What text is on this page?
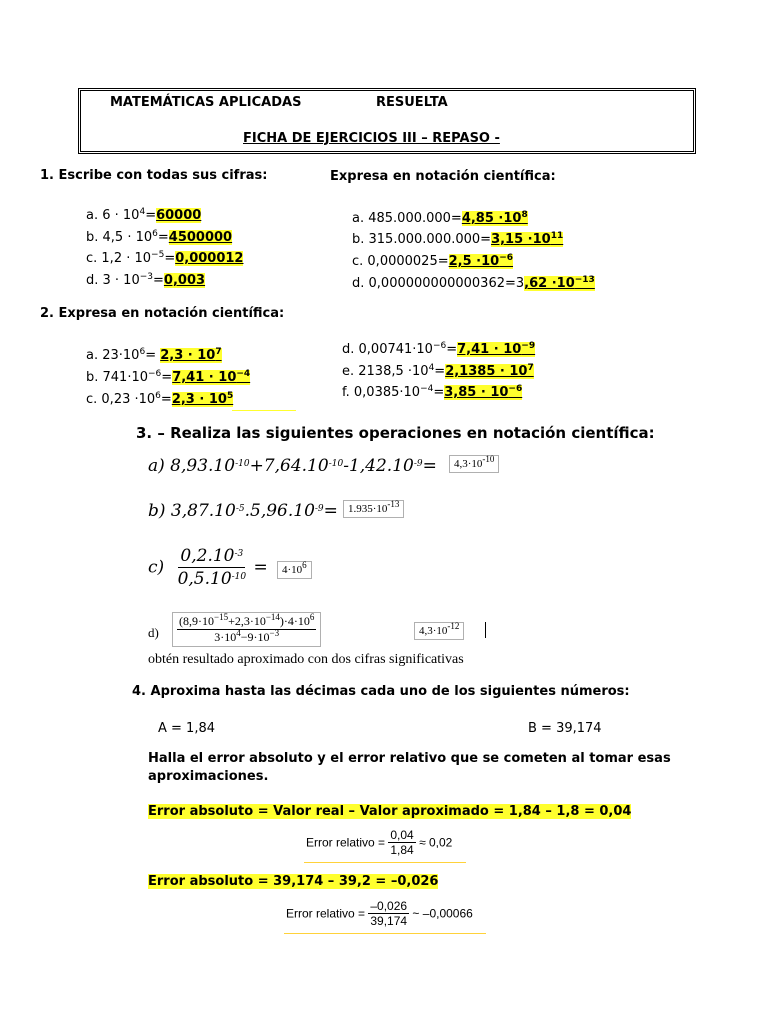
MATEMÁTICAS APLICADAS	RESUELTA
FICHA DE EJERCICIOS III – REPASO -
1. Escribe con todas sus cifras:	Expresa en notación científica:
a. $6 \cdot 10^4=60000$
b. $4,5 \cdot 10^6=4500000$
c. $1,2 \cdot 10^{-5}=0,000012$
d. $3 \cdot 10^{-3}=0,003$
a. $485.000.000=4,85 \cdot 10^8$
b. $315.000.000.000=3,15 \cdot 10^{11}$
c. $0,0000025=2,5 \cdot 10^{-6}$
d. $0,000000000000362=3,62 \cdot 10^{-13}$
2. Expresa en notación científica:
a. $23\cdot 10^6= 2,3 \cdot 10^7$
b. $741\cdot 10^{-6}=7,41 \cdot 10^{-4}$
c. $0,23 \cdot 10^6=2,3 \cdot 10^5$
d. $0,00741\cdot 10^{-6}=7,41 \cdot 10^{-9}$
e. $2138,5 \cdot 10^4=2,1385 \cdot 10^7$
f. $0,0385\cdot 10^{-4}=3,85 \cdot 10^{-6}$
3. – Realiza las siguientes operaciones en notación científica:
a) $8,93.10^{-10}+7,64.10^{-10}-1,42.10^{-9}=$	$4,3\cdot 10^{-10}$
b) $3,87.10^{-5}.5,96.10^{-9}= 1.935\cdot 10^{-13}$
$c) \frac{0,2.10^{-3}}{0,5.10^{-10}}$ =	$4\cdot 10^6$
$d) \frac{(8,9\cdot 10^{-15}+2,3\cdot 10^{-14})\cdot 4\cdot 10^6}{3\cdot 10^4-9\cdot 10^{-3}}$	$4,3\cdot 10^{-12}$
obtén resultado aproximado con dos cifras significativas
4. Aproxima hasta las décimas cada uno de los siguientes números:
A = 1,84	B = 39,174
Halla el error absoluto y el error relativo que se cometen al tomar esas
aproximaciones.
Error absoluto = Valor real – Valor aproximado = 1,84 – 1,8 = 0,04
Error relativo = $\frac{0,04}{1,84} \approx 0,02$
Error absoluto = 39,174 – 39,2 = –0,026
Error relativo = $\frac{-0,026}{39,174}$ ~ –0,00066
